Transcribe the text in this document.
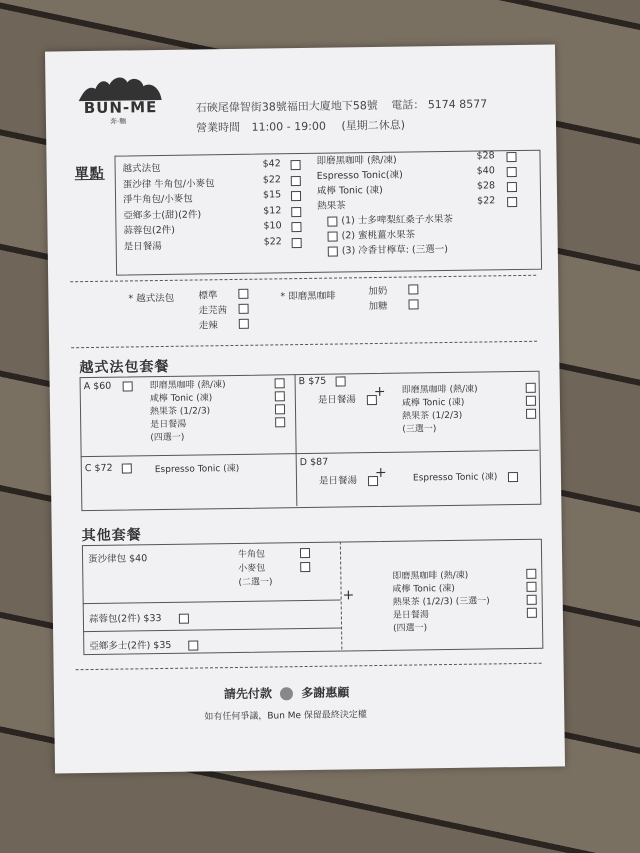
BUN-ME
奔·麵
石硤尾偉智街38號福田大廈地下58號 電話： 5174 8577
營業時間 11:00 - 19:00 (星期二休息)
單點 越式法包	$42
蛋沙律 牛角包/小麥包	$22
淨牛角包/小麥包	$15
亞鄉多士(甜)(2件)	$12
蒜蓉包(2件)	$10
是日餐湯	$22
即磨黑咖啡 (熱/凍)	$28
Espresso Tonic(凍)	$40
咸檸 Tonic (凍)	$28
熱果茶	$22
(1) 士多啤梨紅桑子水果茶
(2) 蜜桃薑水果茶
(3) 冷香甘檸草: (三選一)
* 越式法包	標準
走芫茜
走辣
* 即磨黑咖啡	加奶
加糖
越式法包套餐
A $60	即磨黑咖啡 (熱/凍)
咸檸 Tonic (凍)
熱果茶 (1/2/3)
是日餐湯
(四選一)
B $75
是日餐湯
+ 即磨黑咖啡 (熱/凍)
咸檸 Tonic (凍)
熱果茶 (1/2/3)
(三選一)
C $72	Espresso Tonic (凍)
D $87
是日餐湯
+	Espresso Tonic (凍)
其他套餐
蛋沙律包 $40	牛角包
小麥包
(二選一)
蒜蓉包(2件) $33
亞鄉多士(2件) $35
+
即磨黑咖啡 (熱/凍)
咸檸 Tonic (凍)
熱果茶 (1/2/3) (三選一)
是日餐湯
(四選一)
請先付款 多謝惠顧
如有任何爭議，Bun Me 保留最終決定權
